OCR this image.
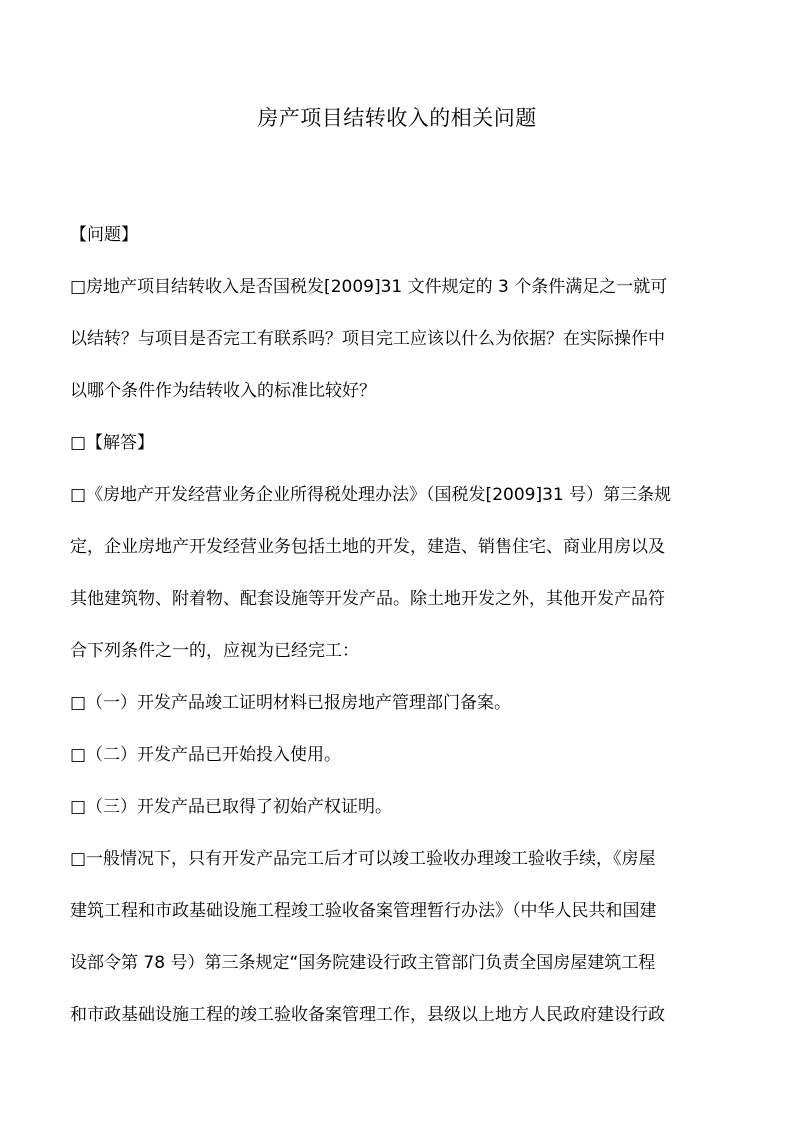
房产项目结转收入的相关问题
【问题】
□房地产项目结转收入是否国税发[2009]31 文件规定的 3 个条件满足之一就可
以结转？与项目是否完工有联系吗？项目完工应该以什么为依据？在实际操作中
以哪个条件作为结转收入的标准比较好？
□【解答】
□《房地产开发经营业务企业所得税处理办法》（国税发[2009]31 号）第三条规
定，企业房地产开发经营业务包括土地的开发，建造、销售住宅、商业用房以及
其他建筑物、附着物、配套设施等开发产品。除土地开发之外，其他开发产品符
合下列条件之一的，应视为已经完工：
□（一）开发产品竣工证明材料已报房地产管理部门备案。
□（二）开发产品已开始投入使用。
□（三）开发产品已取得了初始产权证明。
□一般情况下，只有开发产品完工后才可以竣工验收办理竣工验收手续，《房屋
建筑工程和市政基础设施工程竣工验收备案管理暂行办法》（中华人民共和国建
设部令第 78 号）第三条规定“国务院建设行政主管部门负责全国房屋建筑工程
和市政基础设施工程的竣工验收备案管理工作，县级以上地方人民政府建设行政
